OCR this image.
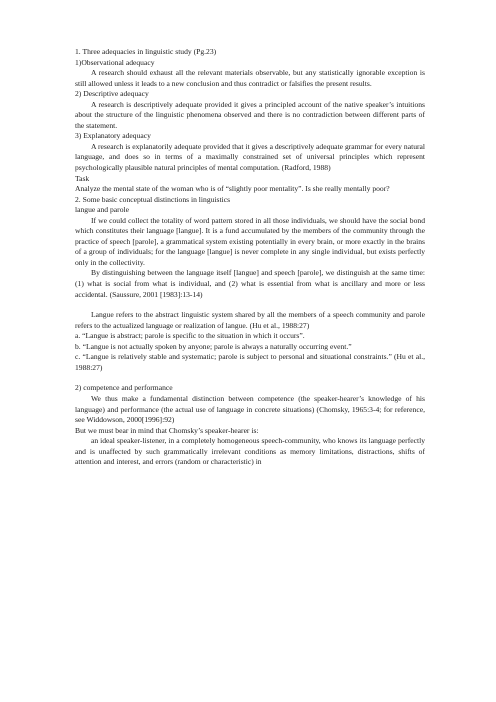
1. Three adequacies in linguistic study (Pg.23)

1)Observational adequacy

A research should exhaust all the relevant materials observable, but any statistically ignorable exception is still allowed unless it leads to a new conclusion and thus contradict or falsifies the present results.

2) Descriptive adequacy

A research is descriptively adequate provided it gives a principled account of the native speaker’s intuitions about the structure of the linguistic phenomena observed and there is no contradiction between different parts of the statement.

3) Explanatory adequacy

A research is explanatorily adequate provided that it gives a descriptively adequate grammar for every natural language, and does so in terms of a maximally constrained set of universal principles which represent psychologically plausible natural principles of mental computation. (Radford, 1988)

Task

Analyze the mental state of the woman who is of “slightly poor mentality”. Is she really mentally poor?

2. Some basic conceptual distinctions in linguistics

langue and parole

If we could collect the totality of word pattern stored in all those individuals, we should have the social bond which constitutes their language [langue]. It is a fund accumulated by the members of the community through the practice of speech [parole], a grammatical system existing potentially in every brain, or more exactly in the brains of a group of individuals; for the language [langue] is never complete in any single individual, but exists perfectly only in the collectivity.

By distinguishing between the language itself [langue] and speech [parole], we distinguish at the same time: (1) what is social from what is individual, and (2) what is essential from what is ancillary and more or less accidental. (Saussure, 2001 [1983]:13-14)

Langue refers to the abstract linguistic system shared by all the members of a speech community and parole refers to the actualized language or realization of langue. (Hu et al., 1988:27)

a. “Langue is abstract; parole is specific to the situation in which it occurs”.

b. “Langue is not actually spoken by anyone; parole is always a naturally occurring event.”

c. “Langue is relatively stable and systematic; parole is subject to personal and situational constraints.” (Hu et al., 1988:27)

2) competence and performance

We thus make a fundamental distinction between competence (the speaker-hearer’s knowledge of his language) and performance (the actual use of language in concrete situations) (Chomsky, 1965:3-4; for reference, see Widdowson, 2000[1996]:92)

But we must bear in mind that Chomsky’s speaker-hearer is:

an ideal speaker-listener, in a completely homogeneous speech-community, who knows its language perfectly and is unaffected by such grammatically irrelevant conditions as memory limitations, distractions, shifts of attention and interest, and errors (random or characteristic) in
